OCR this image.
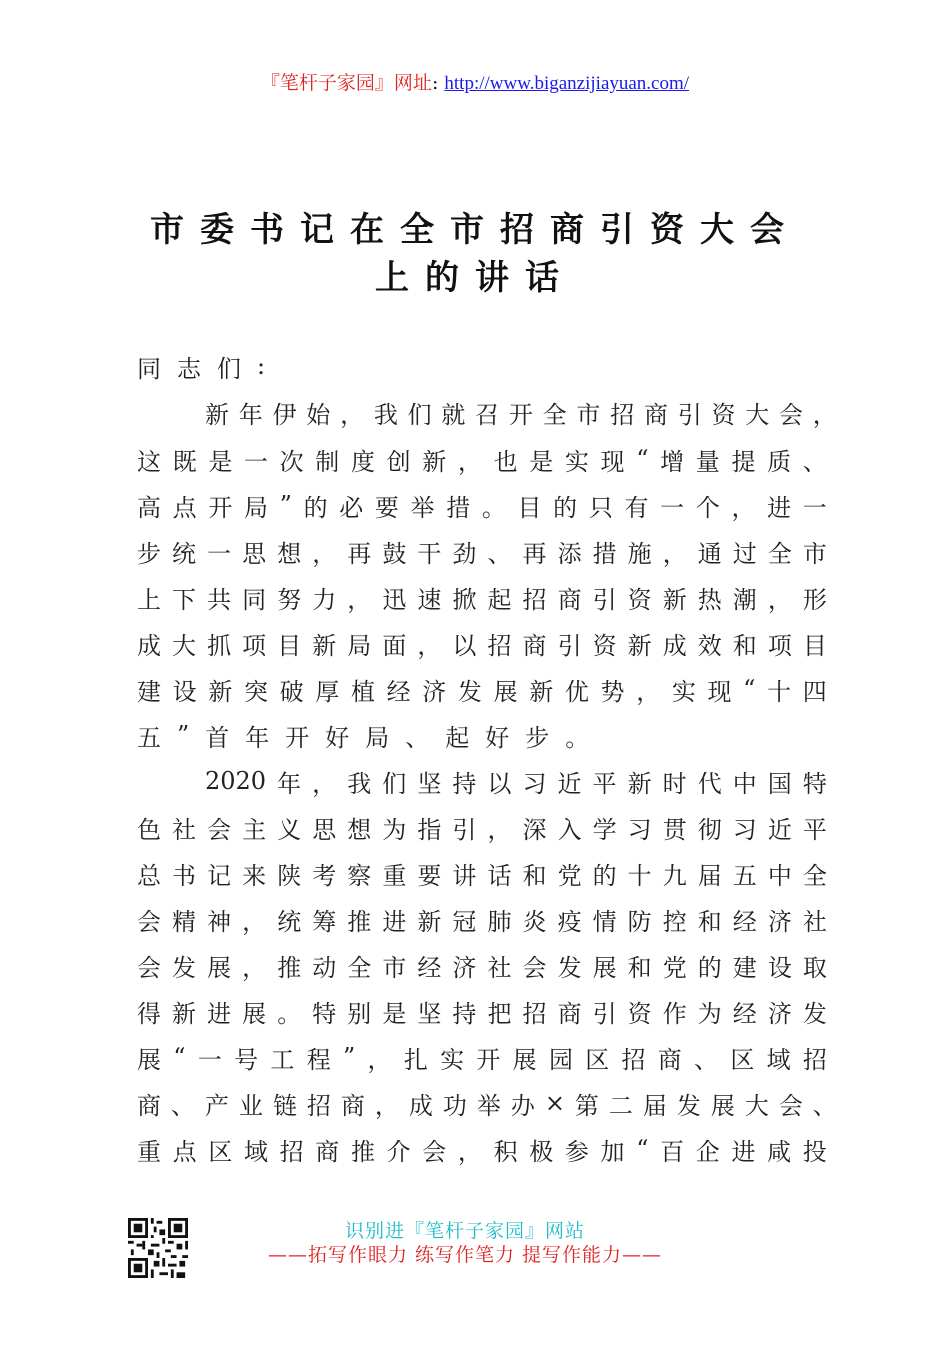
『笔杆子家园』网址: http://www.biganzijiayuan.com/
市委书记在全市招商引资大会
上的讲话
同 志 们 :
新 年 伊 始 ， 我 们 就 召 开 全 市 招 商 引 资 大 会 ，
这 既 是 一 次 制 度 创 新 ， 也 是 实 现 “ 增 量 提 质 、
高 点 开 局 ” 的 必 要 举 措 。 目 的 只 有 一 个 ， 进 一
步 统 一 思 想 ， 再 鼓 干 劲 、 再 添 措 施 ， 通 过 全 市
上 下 共 同 努 力 ， 迅 速 掀 起 招 商 引 资 新 热 潮 ， 形
成 大 抓 项 目 新 局 面 ， 以 招 商 引 资 新 成 效 和 项 目
建 设 新 突 破 厚 植 经 济 发 展 新 优 势 ， 实 现 “ 十 四
五 ” 首 年 开 好 局 、 起 好 步 。
2020 年 ， 我 们 坚 持 以 习 近 平 新 时 代 中 国 特
色 社 会 主 义 思 想 为 指 引 ， 深 入 学 习 贯 彻 习 近 平
总 书 记 来 陕 考 察 重 要 讲 话 和 党 的 十 九 届 五 中 全
会 精 神 ， 统 筹 推 进 新 冠 肺 炎 疫 情 防 控 和 经 济 社
会 发 展 ， 推 动 全 市 经 济 社 会 发 展 和 党 的 建 设 取
得 新 进 展 。 特 别 是 坚 持 把 招 商 引 资 作 为 经 济 发
展 “ 一 号 工 程 ” ， 扎 实 开 展 园 区 招 商 、 区 域 招
商 、 产 业 链 招 商 ， 成 功 举 办 × 第 二 届 发 展 大 会 、
重 点 区 域 招 商 推 介 会 ， 积 极 参 加 “ 百 企 进 咸 投
识别进『笔杆子家园』网站
——拓写作眼力 练写作笔力 提写作能力——
